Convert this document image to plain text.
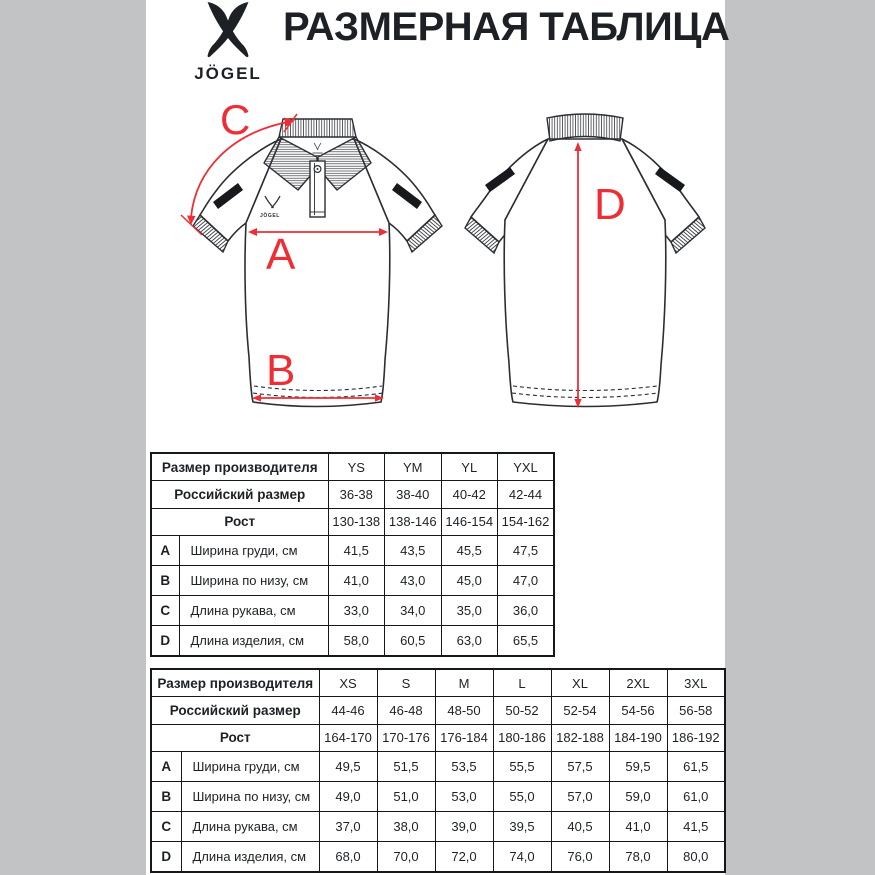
JÖGEL
РАЗМЕРНАЯ ТАБЛИЦА
JÖGEL
C
A
B
D
Размер производителя		YS	YM	YL	YXL
Российский размер		36-38	38-40	40-42	42-44
Рост		130-138	138-146	146-154	154-162
A	Ширина груди, см	41,5	43,5	45,5	47,5
B	Ширина по низу, см	41,0	43,0	45,0	47,0
C	Длина рукава, см	33,0	34,0	35,0	36,0
D	Длина изделия, см	58,0	60,5	63,0	65,5
Размер производителя		XS	S	M	L	XL	2XL	3XL
Российский размер		44-46	46-48	48-50	50-52	52-54	54-56	56-58
Рост		164-170	170-176	176-184	180-186	182-188	184-190	186-192
A	Ширина груди, см	49,5	51,5	53,5	55,5	57,5	59,5	61,5
B	Ширина по низу, см	49,0	51,0	53,0	55,0	57,0	59,0	61,0
C	Длина рукава, см	37,0	38,0	39,0	39,5	40,5	41,0	41,5
D	Длина изделия, см	68,0	70,0	72,0	74,0	76,0	78,0	80,0
